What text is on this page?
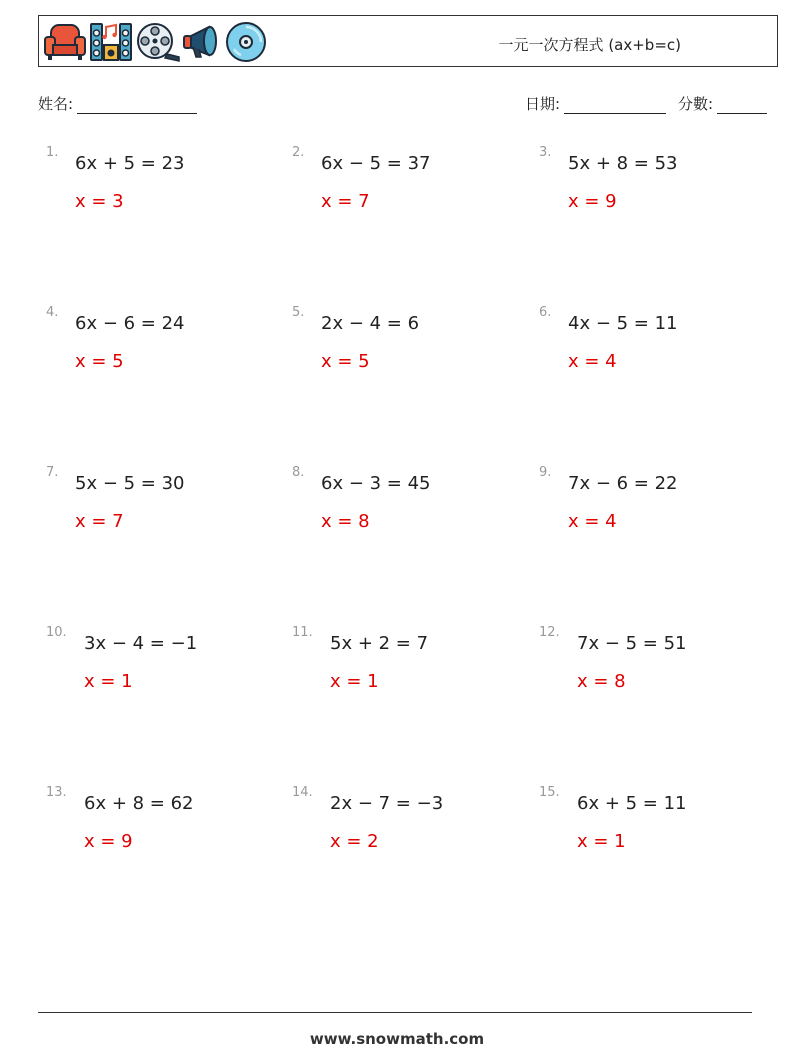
一元一次方程式 (ax+b=c)
姓名:	日期:	分數:
1.
6x + 5 = 23
x = 3
2.
6x − 5 = 37
x = 7
3.
5x + 8 = 53
x = 9
4.
6x − 6 = 24
x = 5
5.
2x − 4 = 6
x = 5
6.
4x − 5 = 11
x = 4
7.
5x − 5 = 30
x = 7
8.
6x − 3 = 45
x = 8
9.
7x − 6 = 22
x = 4
10.
3x − 4 = −1
x = 1
11.
5x + 2 = 7
x = 1
12.
7x − 5 = 51
x = 8
13.
6x + 8 = 62
x = 9
14.
2x − 7 = −3
x = 2
15.
6x + 5 = 11
x = 1
www.snowmath.com
